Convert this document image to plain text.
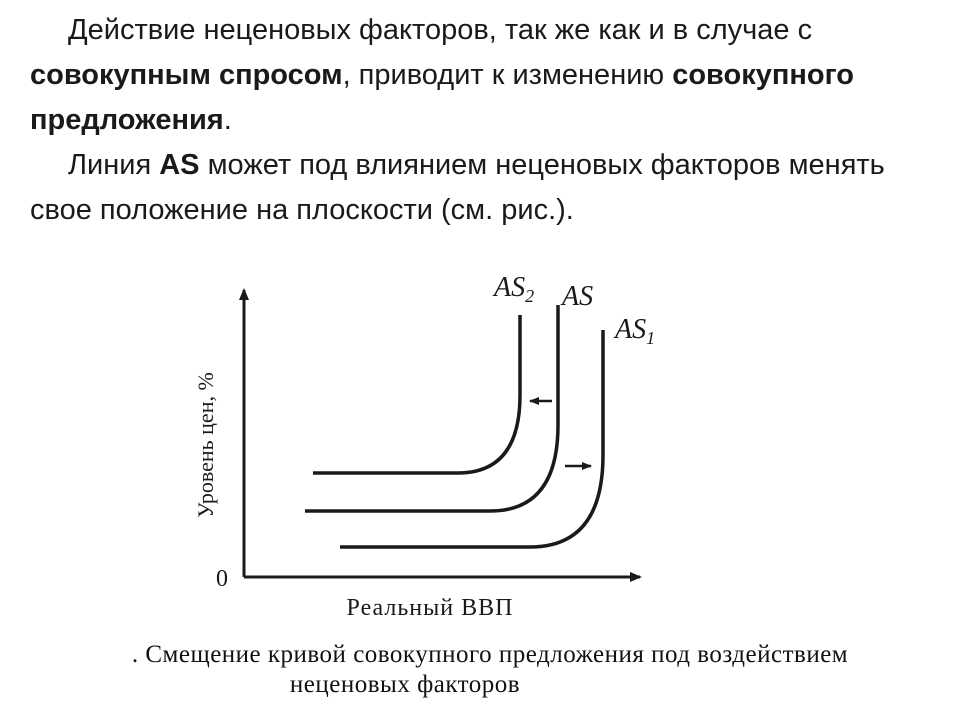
Действие неценовых факторов, так же как и в случае с совокупным спросом, приводит к изменению совокупного предложения.

Линия AS может под влиянием неценовых факторов менять свое положение на плоскости (см. рис.).

Уровень цен, %
Реальный ВВП
0
$AS_2$ AS
$AS_1$
. Смещение кривой совокупного предложения под воздействием
неценовых факторов
